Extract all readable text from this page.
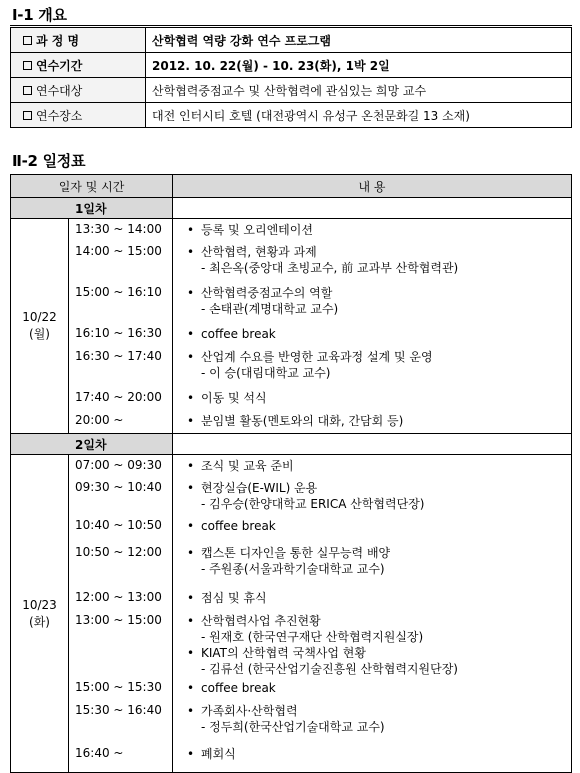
Ⅰ-1 개요
과 정 명	산학협력 역량 강화 연수 프로그램
연수기간	2012. 10. 22(월) - 10. 23(화), 1박 2일
연수대상	산학협력중점교수 및 산학협력에 관심있는 희망 교수
연수장소	대전 인터시티 호텔 (대전광역시 유성구 온천문화길 13 소재)
Ⅱ-2 일정표
일자 및 시간		내 용
1일차		

10/22
(월)	13:30 ~ 14:00	• 등록 및 오리엔테이션
	14:00 ~ 15:00	• 산학협력, 현황과 과제
- 최은옥(중앙대 초빙교수, 前 교과부 산학협력관)
	15:00 ~ 16:10	• 산학협력중점교수의 역할
- 손태관(계명대학교 교수)
	16:10 ~ 16:30	• coffee break
	16:30 ~ 17:40	• 산업계 수요를 반영한 교육과정 설계 및 운영
- 이 승(대림대학교 교수)
	17:40 ~ 20:00	• 이동 및 석식
	20:00 ~	• 분임별 활동(멘토와의 대화, 간담회 등)
2일차		

10/23
(화)	07:00 ~ 09:30	• 조식 및 교육 준비
	09:30 ~ 10:40	• 현장실습(E-WIL) 운용
- 김우승(한양대학교 ERICA 산학협력단장)
	10:40 ~ 10:50	• coffee break
	10:50 ~ 12:00	• 캡스톤 디자인을 통한 실무능력 배양
- 주원종(서울과학기술대학교 교수)
	12:00 ~ 13:00	• 점심 및 휴식
	13:00 ~ 15:00	• 산학협력사업 추진현황
- 원재호 (한국연구재단 산학협력지원실장)
• KIAT의 산학협력 국책사업 현황
- 김류선 (한국산업기술진흥원 산학협력지원단장)
	15:00 ~ 15:30	• coffee break
	15:30 ~ 16:40	• 가족회사·산학협력
- 정두희(한국산업기술대학교 교수)
	16:40 ~	• 폐회식
